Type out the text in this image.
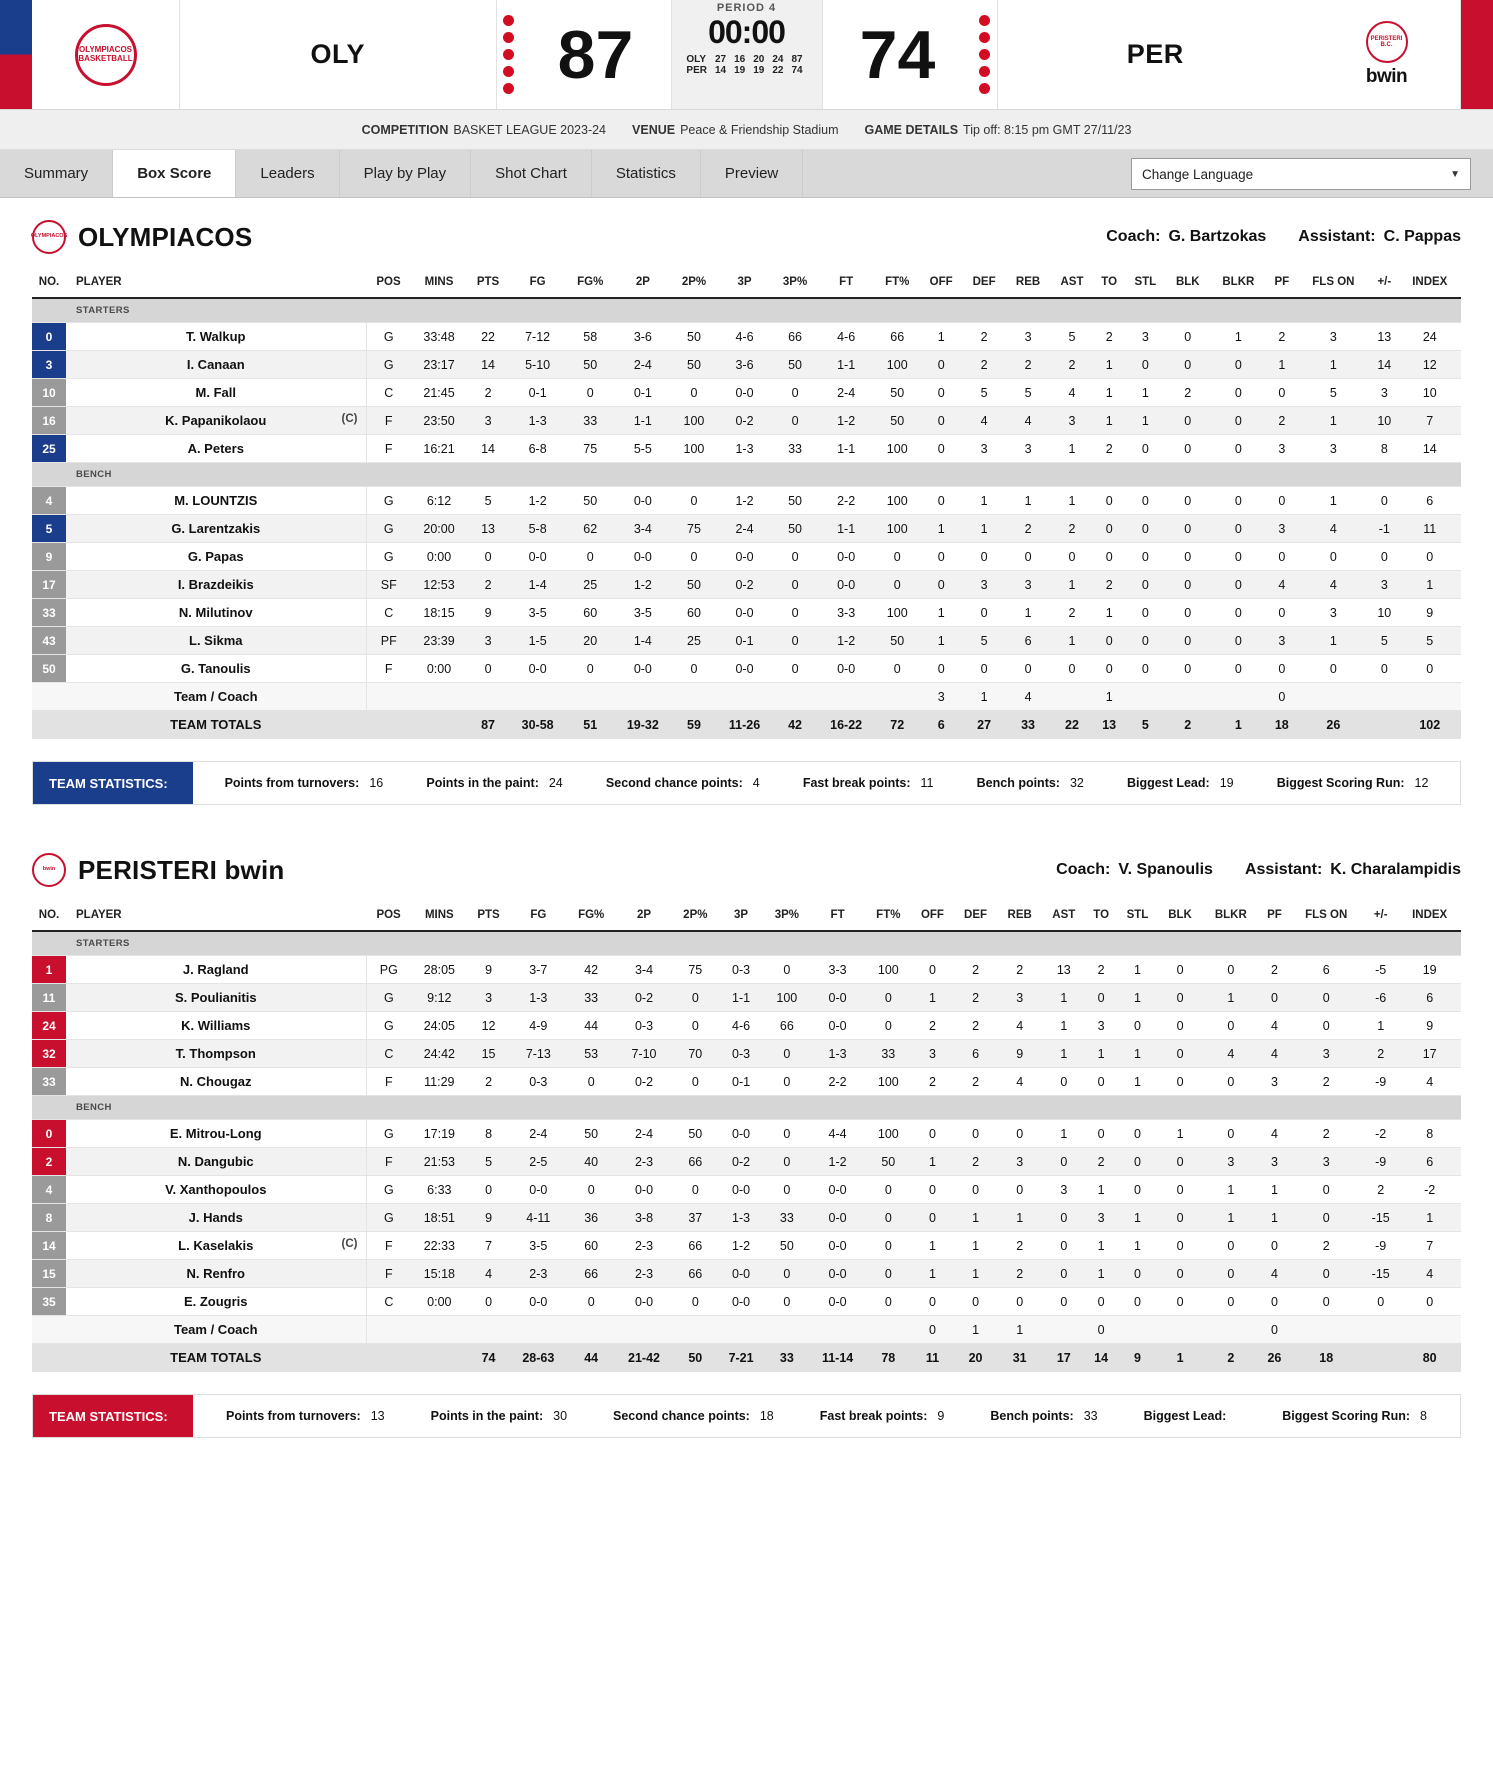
OLYMPIACOS BASKETBALL	OLY	87
PERIOD 4
00:00
OLY	27	16	20	24	87
PER	14	19	19	22	74 74	PER	PERISTERI B.C.
bwin
COMPETITION BASKET LEAGUE 2023-24 VENUE Peace & Friendship Stadium GAME DETAILS Tip off: 8:15 pm GMT 27/11/23
Summary	Box Score	Leaders	Play by Play	Shot Chart	Statistics	Preview	Change Language	▼
OLYMPIACOS OLYMPIACOS	Coach: G. Bartzokas Assistant: C. Pappas
NO.	PLAYER	POS	MINS	PTS	FG	FG%	2P	2P%	3P	3P%	FT	FT%	OFF	DEF	REB	AST	TO	STL	BLK	BLKR	PF	FLS ON	+/-	INDEX
	STARTERS																							
0	T. Walkup	G	33:48	22	7-12	58	3-6	50	4-6	66	4-6	66	1	2	3	5	2	3	0	1	2	3	13	24
3	I. Canaan	G	23:17	14	5-10	50	2-4	50	3-6	50	1-1	100	0	2	2	2	1	0	0	0	1	1	14	12
10	M. Fall	C	21:45	2	0-1	0	0-1	0	0-0	0	2-4	50	0	5	5	4	1	1	2	0	0	5	3	10
16	K. Papanikolaou (C)	F	23:50	3	1-3	33	1-1	100	0-2	0	1-2	50	0	4	4	3	1	1	0	0	2	1	10	7
25	A. Peters	F	16:21	14	6-8	75	5-5	100	1-3	33	1-1	100	0	3	3	1	2	0	0	0	3	3	8	14
	BENCH																							
4	M. LOUNTZIS	G	6:12	5	1-2	50	0-0	0	1-2	50	2-2	100	0	1	1	1	0	0	0	0	0	1	0	6
5	G. Larentzakis	G	20:00	13	5-8	62	3-4	75	2-4	50	1-1	100	1	1	2	2	0	0	0	0	3	4	-1	11
9	G. Papas	G	0:00	0	0-0	0	0-0	0	0-0	0	0-0	0	0	0	0	0	0	0	0	0	0	0	0	0
17	I. Brazdeikis	SF	12:53	2	1-4	25	1-2	50	0-2	0	0-0	0	0	3	3	1	2	0	0	0	4	4	3	1
33	N. Milutinov	C	18:15	9	3-5	60	3-5	60	0-0	0	3-3	100	1	0	1	2	1	0	0	0	0	3	10	9
43	L. Sikma	PF	23:39	3	1-5	20	1-4	25	0-1	0	1-2	50	1	5	6	1	0	0	0	0	3	1	5	5
50	G. Tanoulis	F	0:00	0	0-0	0	0-0	0	0-0	0	0-0	0	0	0	0	0	0	0	0	0	0	0	0	0
	Team / Coach												3	1	4		1				0			
	TEAM TOTALS			87	30-58	51	19-32	59	11-26	42	16-22	72	6	27	33	22	13	5	2	1	18	26		102
TEAM STATISTICS:	Points from turnovers: 16	Points in the paint: 24	Second chance points: 4	Fast break points: 11	Bench points: 32	Biggest Lead: 19	Biggest Scoring Run: 12
bwin PERISTERI bwin	Coach: V. Spanoulis Assistant: K. Charalampidis
NO.	PLAYER	POS	MINS	PTS	FG	FG%	2P	2P%	3P	3P%	FT	FT%	OFF	DEF	REB	AST	TO	STL	BLK	BLKR	PF	FLS ON	+/-	INDEX
	STARTERS																							
1	J. Ragland	PG	28:05	9	3-7	42	3-4	75	0-3	0	3-3	100	0	2	2	13	2	1	0	0	2	6	-5	19
11	S. Poulianitis	G	9:12	3	1-3	33	0-2	0	1-1	100	0-0	0	1	2	3	1	0	1	0	1	0	0	-6	6
24	K. Williams	G	24:05	12	4-9	44	0-3	0	4-6	66	0-0	0	2	2	4	1	3	0	0	0	4	0	1	9
32	T. Thompson	C	24:42	15	7-13	53	7-10	70	0-3	0	1-3	33	3	6	9	1	1	1	0	4	4	3	2	17
33	N. Chougaz	F	11:29	2	0-3	0	0-2	0	0-1	0	2-2	100	2	2	4	0	0	1	0	0	3	2	-9	4
	BENCH																							
0	E. Mitrou-Long	G	17:19	8	2-4	50	2-4	50	0-0	0	4-4	100	0	0	0	1	0	0	1	0	4	2	-2	8
2	N. Dangubic	F	21:53	5	2-5	40	2-3	66	0-2	0	1-2	50	1	2	3	0	2	0	0	3	3	3	-9	6
4	V. Xanthopoulos	G	6:33	0	0-0	0	0-0	0	0-0	0	0-0	0	0	0	0	3	1	0	0	1	1	0	2	-2
8	J. Hands	G	18:51	9	4-11	36	3-8	37	1-3	33	0-0	0	0	1	1	0	3	1	0	1	1	0	-15	1
14	L. Kaselakis (C)	F	22:33	7	3-5	60	2-3	66	1-2	50	0-0	0	1	1	2	0	1	1	0	0	0	2	-9	7
15	N. Renfro	F	15:18	4	2-3	66	2-3	66	0-0	0	0-0	0	1	1	2	0	1	0	0	0	4	0	-15	4
35	E. Zougris	C	0:00	0	0-0	0	0-0	0	0-0	0	0-0	0	0	0	0	0	0	0	0	0	0	0	0	0
	Team / Coach												0	1	1		0				0			
	TEAM TOTALS			74	28-63	44	21-42	50	7-21	33	11-14	78	11	20	31	17	14	9	1	2	26	18		80
TEAM STATISTICS:	Points from turnovers: 13	Points in the paint: 30	Second chance points: 18	Fast break points: 9	Bench points: 33	Biggest Lead:	Biggest Scoring Run: 8
